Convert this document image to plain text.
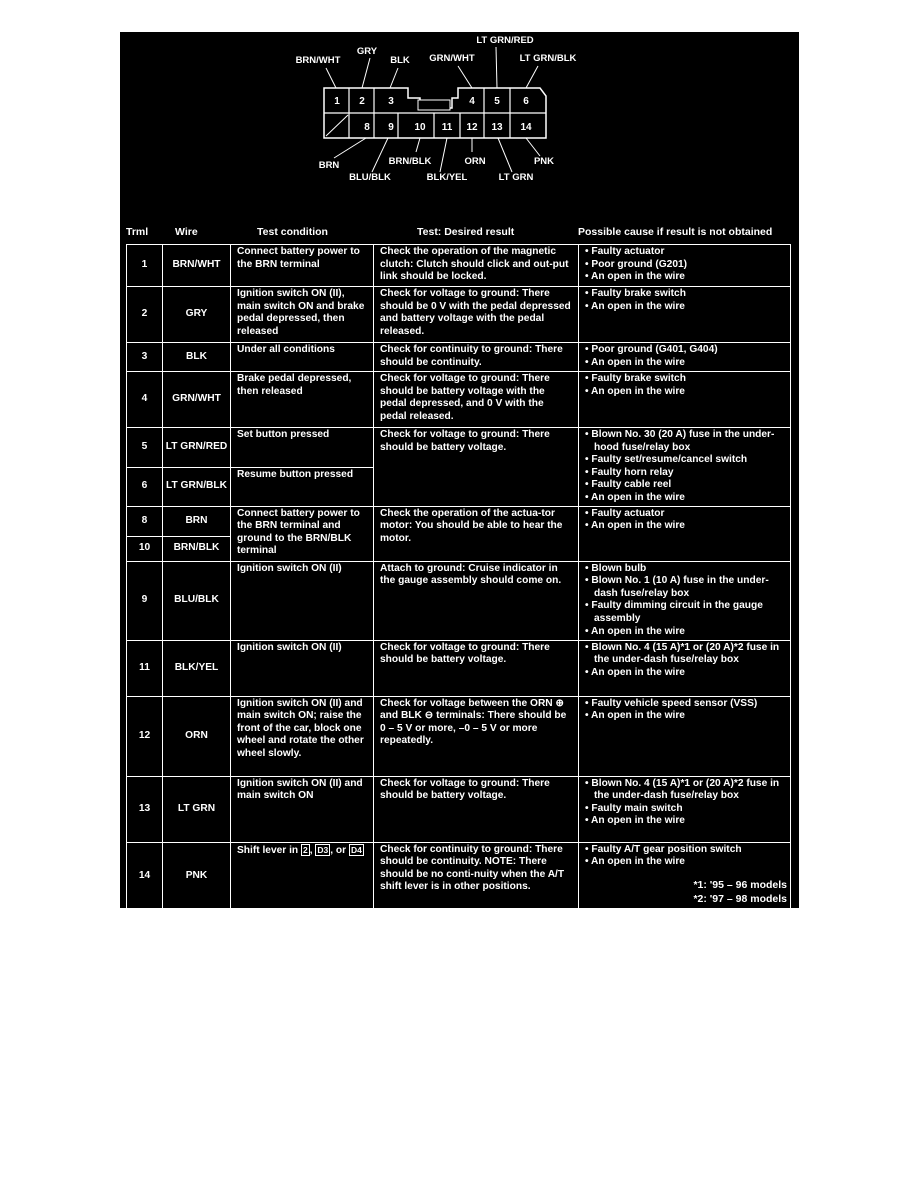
1 2 3	4 5 6
8 9 10 11 12 13 14
BRN/WHT
GRY
BLK GRN/WHT
LT GRN/RED
LT GRN/BLK
BRN
BLU/BLK
BRN/BLK
BLK/YEL
ORN
LT GRN
PNK
Trml	Wire	Test condition	Test: Desired result	Possible cause if result is not obtained
1	BRN/WHT	Connect battery power to the BRN terminal	Check the operation of the magnetic clutch: Clutch should click and out-put link should be locked.	• Faulty actuator
• Poor ground (G201)
• An open in the wire

2	GRY	Ignition switch ON (II), main switch ON and brake pedal depressed, then released	Check for voltage to ground: There should be 0 V with the pedal depressed and battery voltage with the pedal released.	• Faulty brake switch
• An open in the wire

3	BLK	Under all conditions	Check for continuity to ground: There should be continuity.	• Poor ground (G401, G404)
• An open in the wire

4	GRN/WHT	Brake pedal depressed, then released	Check for voltage to ground: There should be battery voltage with the pedal depressed, and 0 V with the pedal released.	• Faulty brake switch
• An open in the wire

5	LT GRN/RED	Set button pressed	Check for voltage to ground: There should be battery voltage.	• Blown No. 30 (20 A) fuse in the under-hood fuse/relay box
• Faulty set/resume/cancel switch
• Faulty horn relay
• Faulty cable reel
• An open in the wire

6	LT GRN/BLK	Resume button pressed		
8	BRN	Connect battery power to the BRN terminal and ground to the BRN/BLK terminal	Check the operation of the actua-tor motor: You should be able to hear the motor.	• Faulty actuator
• An open in the wire

10	BRN/BLK			
9	BLU/BLK	Ignition switch ON (II)	Attach to ground: Cruise indicator in the gauge assembly should come on.	• Blown bulb
• Blown No. 1 (10 A) fuse in the under-dash fuse/relay box
• Faulty dimming circuit in the gauge assembly
• An open in the wire

11	BLK/YEL	Ignition switch ON (II)	Check for voltage to ground: There should be battery voltage.	• Blown No. 4 (15 A)*1 or (20 A)*2 fuse in the under-dash fuse/relay box
• An open in the wire

12	ORN	Ignition switch ON (II) and main switch ON; raise the front of the car, block one wheel and rotate the other wheel slowly.	Check for voltage between the ORN ⊕ and BLK ⊖ terminals: There should be 0 – 5 V or more, –0 – 5 V or more repeatedly.	• Faulty vehicle speed sensor (VSS)
• An open in the wire

13	LT GRN	Ignition switch ON (II) and main switch ON	Check for voltage to ground: There should be battery voltage.	• Blown No. 4 (15 A)*1 or (20 A)*2 fuse in the under-dash fuse/relay box
• Faulty main switch
• An open in the wire

14	PNK	Shift lever in 2 , D3 , or D4	Check for continuity to ground: There should be continuity. NOTE: There should be no conti-nuity when the A/T shift lever is in other positions.	• Faulty A/T gear position switch
• An open in the wire
*1: '95 – 96 models
*2: '97 – 98 models
